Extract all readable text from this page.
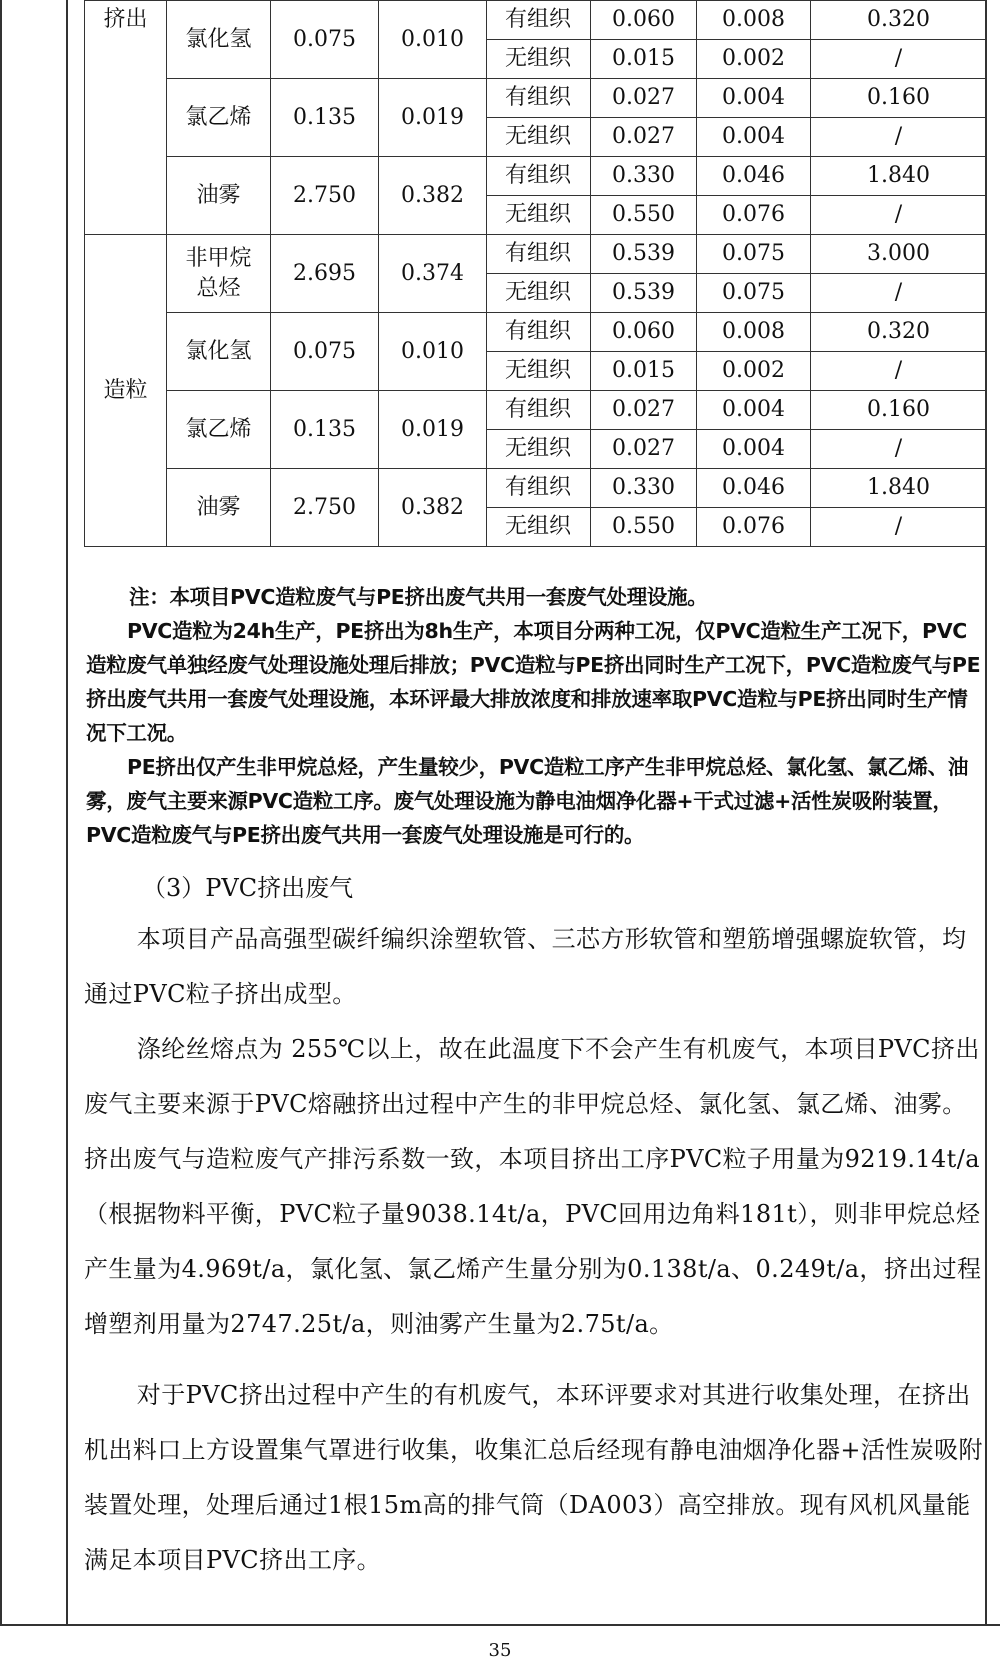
挤出	氯化氢	0.075	0.010	有组织	0.060	0.008	0.320
				无组织	0.015	0.002	/
	氯乙烯	0.135	0.019	有组织	0.027	0.004	0.160
				无组织	0.027	0.004	/
	油雾	2.750	0.382	有组织	0.330	0.046	1.840
				无组织	0.550	0.076	/
造粒	非甲烷总烃	2.695	0.374	有组织	0.539	0.075	3.000
				无组织	0.539	0.075	/
	氯化氢	0.075	0.010	有组织	0.060	0.008	0.320
				无组织	0.015	0.002	/
	氯乙烯	0.135	0.019	有组织	0.027	0.004	0.160
				无组织	0.027	0.004	/
	油雾	2.750	0.382	有组织	0.330	0.046	1.840
				无组织	0.550	0.076	/

注：本项目PVC造粒废气与PE挤出废气共用一套废气处理设施。

PVC造粒为24h生产，PE挤出为8h生产，本项目分两种工况，仅PVC造粒生产工况下，PVC造粒废气单独经废气处理设施处理后排放；PVC造粒与PE挤出同时生产工况下，PVC造粒废气与PE挤出废气共用一套废气处理设施，本环评最大排放浓度和排放速率取PVC造粒与PE挤出同时生产情况下工况。

PE挤出仅产生非甲烷总烃，产生量较少，PVC造粒工序产生非甲烷总烃、氯化氢、氯乙烯、油雾，废气主要来源PVC造粒工序。废气处理设施为静电油烟净化器+干式过滤+活性炭吸附装置，PVC造粒废气与PE挤出废气共用一套废气处理设施是可行的。

（3）PVC挤出废气

本项目产品高强型碳纤编织涂塑软管、三芯方形软管和塑筋增强螺旋软管，均通过PVC粒子挤出成型。

涤纶丝熔点为 255℃以上，故在此温度下不会产生有机废气，本项目PVC挤出废气主要来源于PVC熔融挤出过程中产生的非甲烷总烃、氯化氢、氯乙烯、油雾。挤出废气与造粒废气产排污系数一致，本项目挤出工序PVC粒子用量为9219.14t/a（根据物料平衡，PVC粒子量9038.14t/a，PVC回用边角料181t），则非甲烷总烃产生量为4.969t/a，氯化氢、氯乙烯产生量分别为0.138t/a、0.249t/a，挤出过程增塑剂用量为2747.25t/a，则油雾产生量为2.75t/a。

对于PVC挤出过程中产生的有机废气，本环评要求对其进行收集处理，在挤出机出料口上方设置集气罩进行收集，收集汇总后经现有静电油烟净化器+活性炭吸附装置处理，处理后通过1根15m高的排气筒（DA003）高空排放。现有风机风量能满足本项目PVC挤出工序。

35
